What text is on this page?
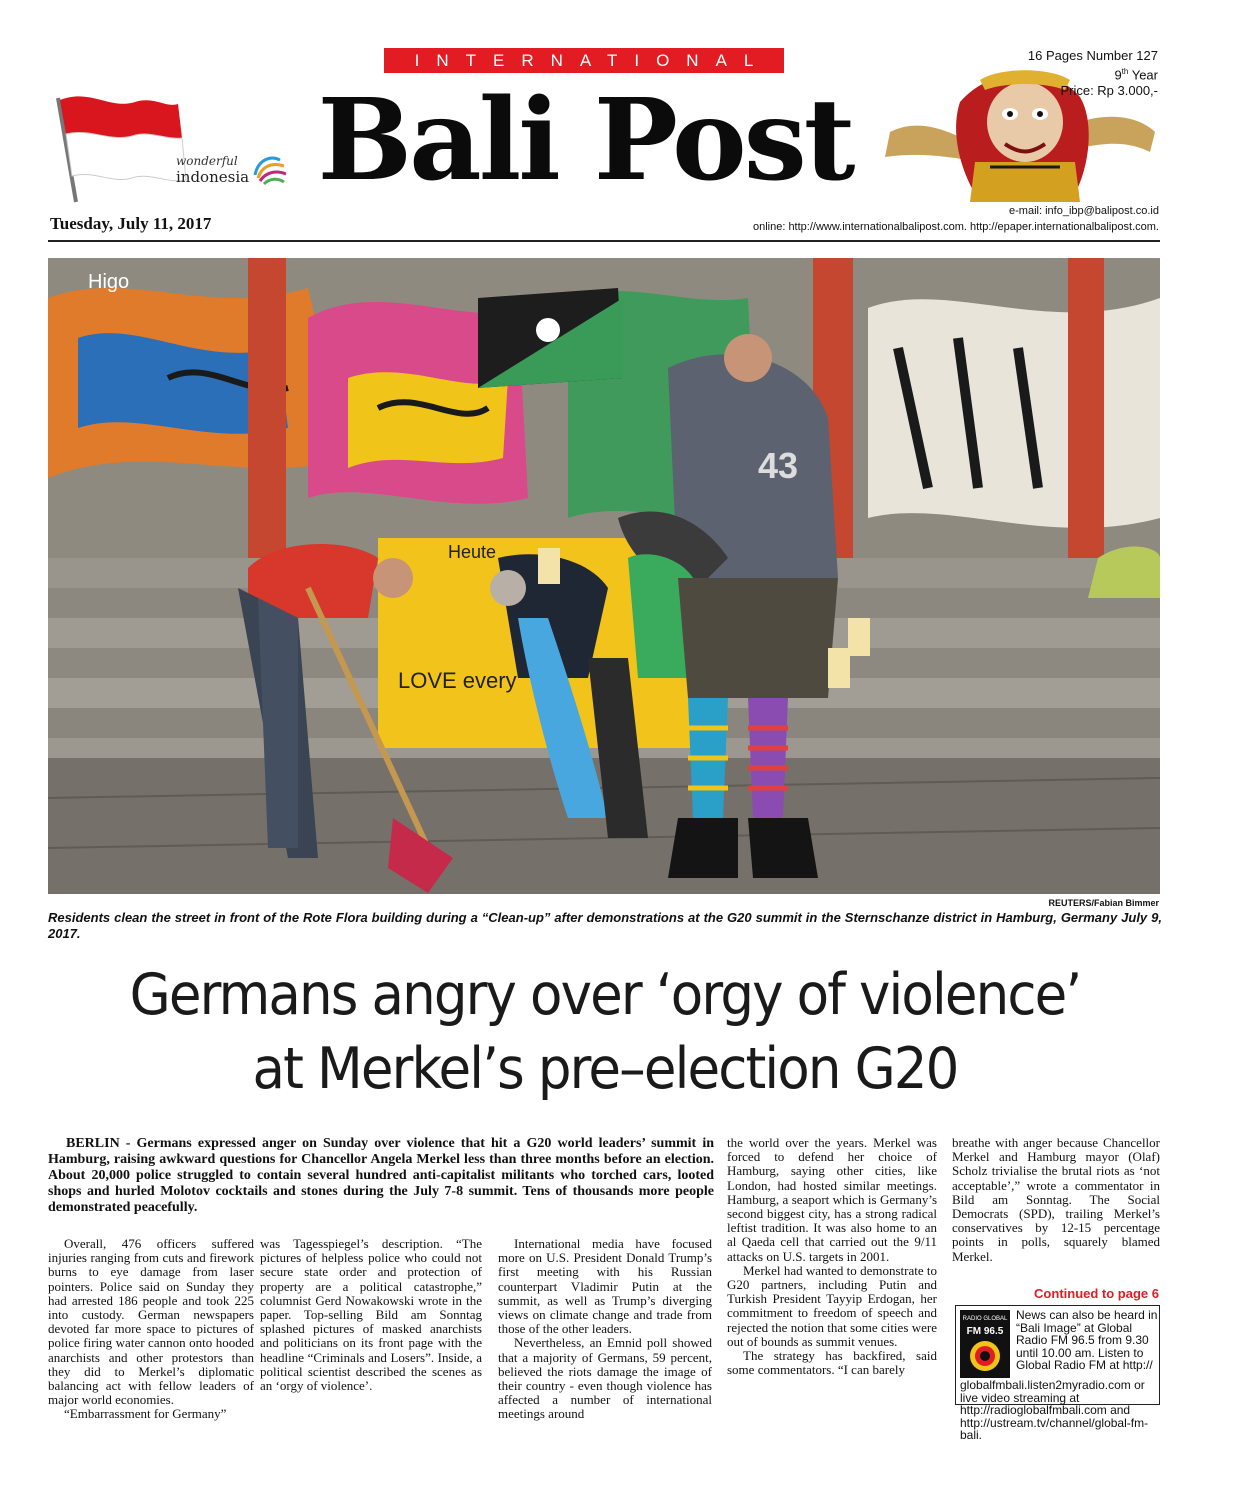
INTERNATIONAL
wonderful
indonesia Bali Post
16 Pages Number 127
9th Year
Price: Rp 3.000,-
e-mail: info_ibp@balipost.co.id
Tuesday, July 11, 2017	online: http://www.internationalbalipost.com. http://epaper.internationalbalipost.com.
Heute
LOVE every
Higo
43
REUTERS/Fabian Bimmer
Residents clean the street in front of the Rote Flora building during a “Clean-up” after demonstrations at the G20 summit in the Sternschanze district in Hamburg, Germany July 9, 2017.
Germans angry over ‘orgy of violence’
at Merkel’s pre–election G20
BERLIN - Germans expressed anger on Sunday over violence that hit a G20 world leaders’ summit in Hamburg, raising awkward questions for Chancellor Angela Merkel less than three months before an election. About 20,000 police struggled to contain several hundred anti-capitalist militants who torched cars, looted shops and hurled Molotov cocktails and stones during the July 7-8 summit. Tens of thousands more people demonstrated peacefully.

Overall, 476 officers suffered injuries ranging from cuts and firework burns to eye damage from laser pointers. Police said on Sunday they had arrested 186 people and took 225 into custody. German newspapers devoted far more space to pictures of police firing water cannon onto hooded anarchists and other protestors than they did to Merkel’s diplomatic balancing act with fellow leaders of major world economies.

“Embarrassment for Germany”

was Tagesspiegel’s description. “The pictures of helpless police who could not secure state order and protection of property are a political catastrophe,” columnist Gerd Nowakowski wrote in the paper. Top-selling Bild am Sonntag splashed pictures of masked anarchists and politicians on its front page with the headline “Criminals and Losers”. Inside, a political scientist described the scenes as an ‘orgy of violence’.

International media have focused more on U.S. President Donald Trump’s first meeting with his Russian counterpart Vladimir Putin at the summit, as well as Trump’s diverging views on climate change and trade from those of the other leaders.

Nevertheless, an Emnid poll showed that a majority of Germans, 59 percent, believed the riots damage the image of their country - even though violence has affected a number of international meetings around

the world over the years. Merkel was forced to defend her choice of Hamburg, saying other cities, like London, had hosted similar meetings. Hamburg, a seaport which is Germany’s second biggest city, has a strong radical leftist tradition. It was also home to an al Qaeda cell that carried out the 9/11 attacks on U.S. targets in 2001.

Merkel had wanted to demonstrate to G20 partners, including Putin and Turkish President Tayyip Erdogan, her commitment to freedom of speech and rejected the notion that some cities were out of bounds as summit venues.

The strategy has backfired, said some commentators. “I can barely

breathe with anger because Chancellor Merkel and Hamburg mayor (Olaf) Scholz trivialise the brutal riots as ‘not acceptable’,” wrote a commentator in Bild am Sonntag. The Social Democrats (SPD), trailing Merkel’s conservatives by 12-15 percentage points in polls, squarely blamed Merkel.

Continued to page 6
RADIO GLOBAL
FM 96.5
News can also be heard in “Bali Image” at Global Radio FM 96.5 from 9.30 until 10.00 am. Listen to Global Radio FM at http://
globalfmbali.listen2myradio.com or live video streaming at http://radioglobalfmbali.com and http://ustream.tv/channel/global-fm-bali.
